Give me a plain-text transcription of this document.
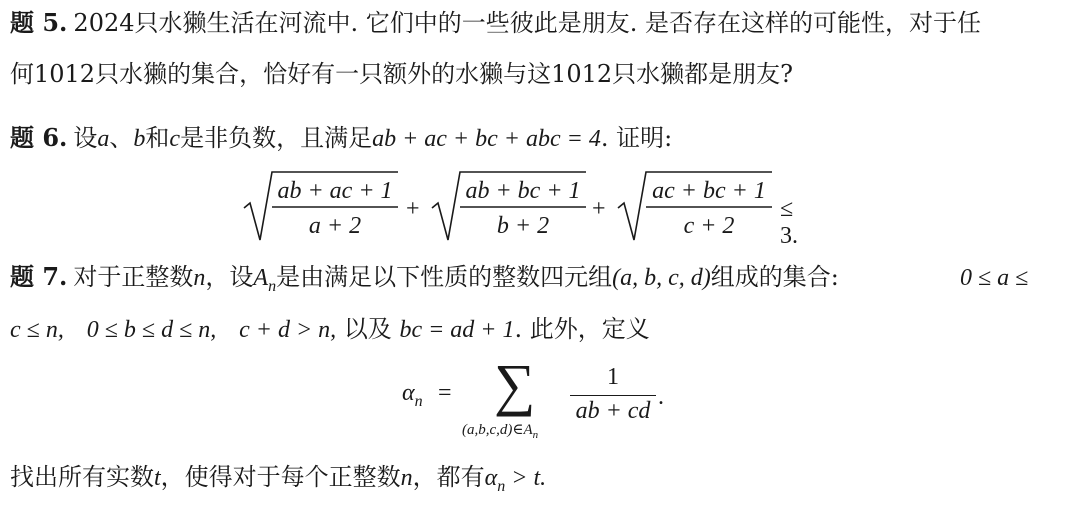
题 5. 2024只水獭生活在河流中. 它们中的一些彼此是朋友. 是否存在这样的可能性，对于任
何1012只水獭的集合，恰好有一只额外的水獭与这1012只水獭都是朋友?
题 6. 设a、b和c是非负数，且满足ab + ac + bc + abc = 4. 证明:
ab + ac + 1
a + 2
+
ab + bc + 1
b + 2
+
ac + bc + 1
c + 2
≤ 3.
题 7. 对于正整数n，设$A_n$是由满足以下性质的整数四元组(a, b, c, d)组成的集合:	0 ≤ a ≤
c ≤ n, 0 ≤ b ≤ d ≤ n, c + d > n, 以及 bc = ad + 1. 此外，定义
$\alpha_n$ = ∑
$(a,b,c,d)\in A_n$
1
ab + cd
.
找出所有实数t，使得对于每个正整数n，都有$\alpha_n > t$.
